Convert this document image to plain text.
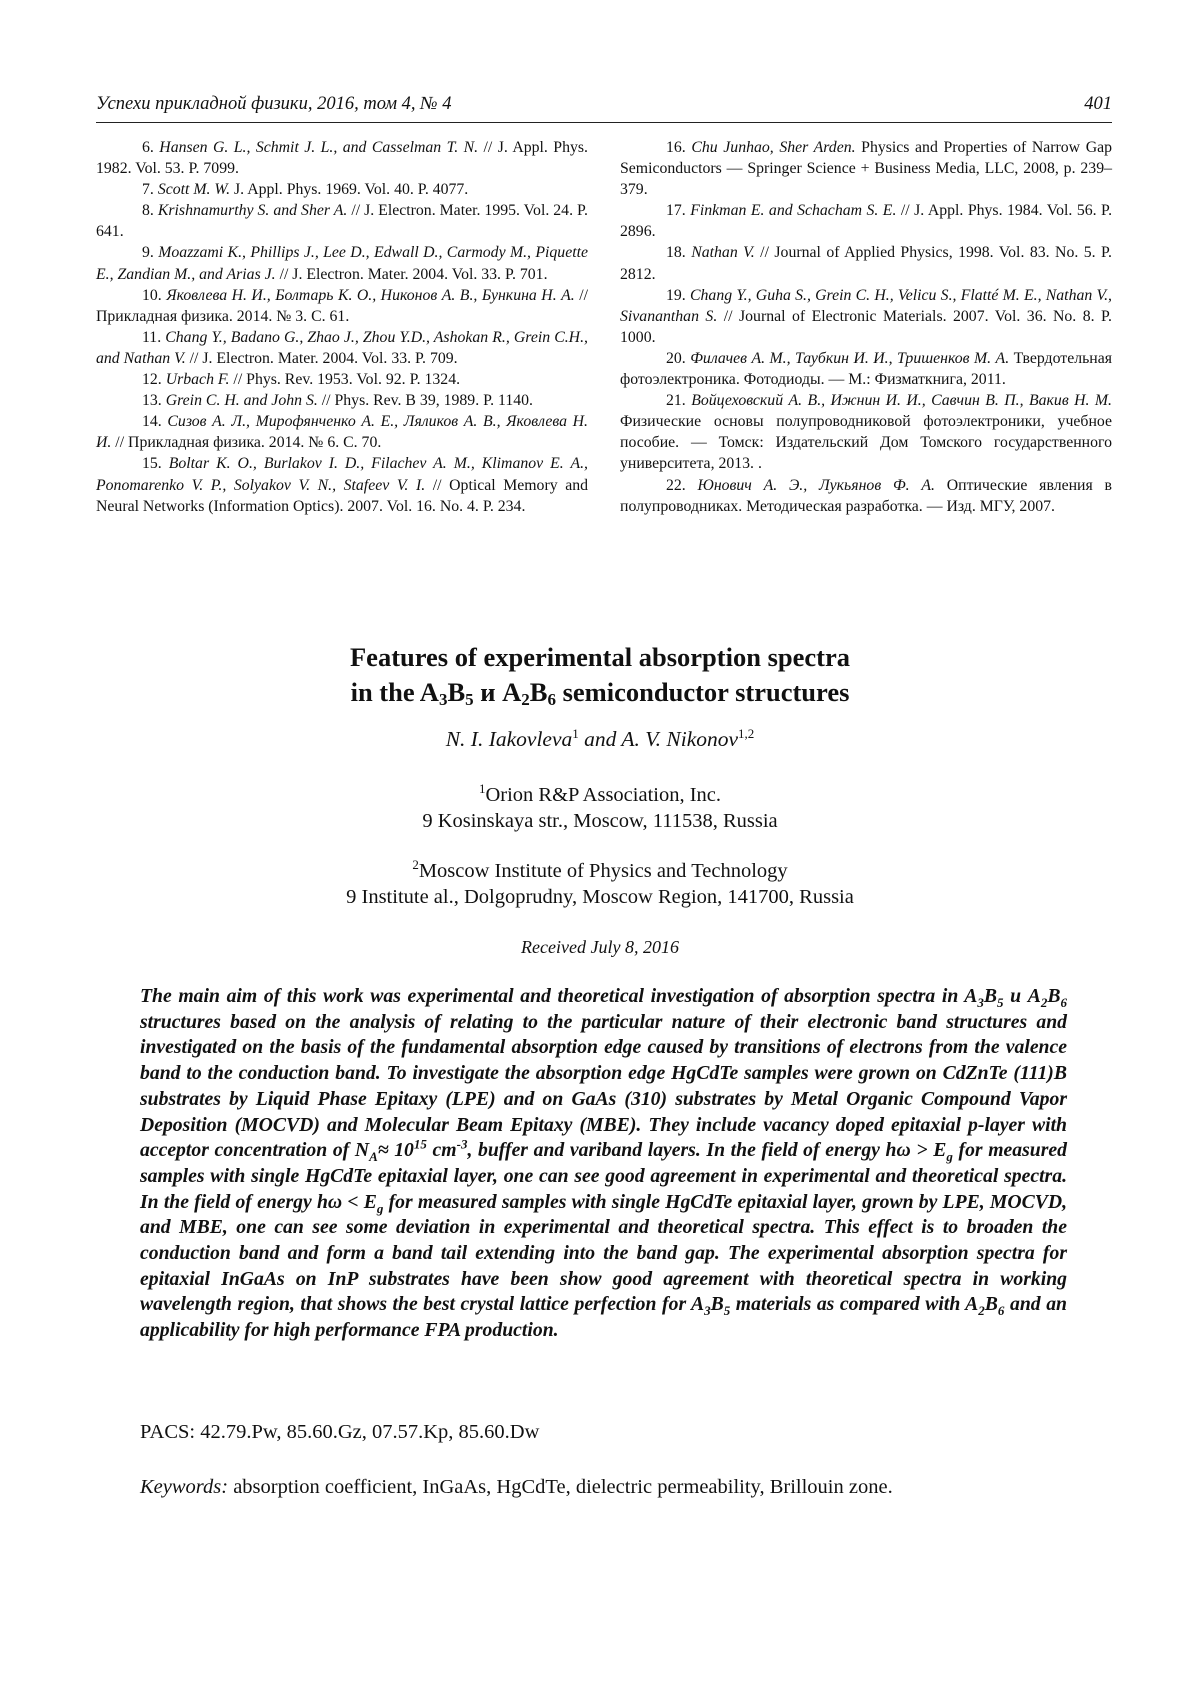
Успехи прикладной физики, 2016, том 4, № 4	401

6. Hansen G. L., Schmit J. L., and Casselman T. N. // J. Appl. Phys. 1982. Vol. 53. P. 7099.

7. Scott M. W. J. Appl. Phys. 1969. Vol. 40. P. 4077.

8. Krishnamurthy S. and Sher A. // J. Electron. Mater. 1995. Vol. 24. P. 641.

9. Moazzami K., Phillips J., Lee D., Edwall D., Carmody M., Piquette E., Zandian M., and Arias J. // J. Electron. Mater. 2004. Vol. 33. P. 701.

10. Яковлева Н. И., Болтарь К. О., Никонов А. В., Бункина Н. А. // Прикладная физика. 2014. № 3. С. 61.

11. Chang Y., Badano G., Zhao J., Zhou Y.D., Ashokan R., Grein C.H., and Nathan V. // J. Electron. Mater. 2004. Vol. 33. P. 709.

12. Urbach F. // Phys. Rev. 1953. Vol. 92. P. 1324.

13. Grein C. H. and John S. // Phys. Rev. B 39, 1989. P. 1140.

14. Сизов А. Л., Мирофянченко А. Е., Ляликов А. В., Яковлева Н. И. // Прикладная физика. 2014. № 6. С. 70.

15. Boltar K. O., Burlakov I. D., Filachev A. M., Klimanov E. A., Ponomarenko V. P., Solyakov V. N., Stafeev V. I. // Optical Memory and Neural Networks (Information Optics). 2007. Vol. 16. No. 4. P. 234.

16. Chu Junhao, Sher Arden. Physics and Properties of Narrow Gap Semiconductors — Springer Science + Business Media, LLC, 2008, p. 239–379.

17. Finkman E. and Schacham S. E. // J. Appl. Phys. 1984. Vol. 56. P. 2896.

18. Nathan V. // Journal of Applied Physics, 1998. Vol. 83. No. 5. P. 2812.

19. Chang Y., Guha S., Grein C. H., Velicu S., Flatté M. E., Nathan V., Sivananthan S. // Journal of Electronic Materials. 2007. Vol. 36. No. 8. P. 1000.

20. Филачев А. М., Таубкин И. И., Тришенков М. А. Твердотельная фотоэлектроника. Фотодиоды. — М.: Физматкнига, 2011.

21. Войцеховский А. В., Ижнин И. И., Савчин В. П., Вакив Н. М. Физические основы полупроводниковой фотоэлектроники, учебное пособие. — Томск: Издательский Дом Томского государственного университета, 2013. .

22. Юнович А. Э., Лукьянов Ф. А. Оптические явления в полупроводниках. Методическая разработка. — Изд. МГУ, 2007.

Features of experimental absorption spectra
in the $A_3B_5$ и $A_2B_6$ semiconductor structures
N. I. Iakovleva$^1$ and A. V. Nikonov$^{1,2}$
$^1$Orion R&P Association, Inc.
9 Kosinskaya str., Moscow, 111538, Russia
$^2$Moscow Institute of Physics and Technology
9 Institute al., Dolgoprudny, Moscow Region, 141700, Russia
Received July 8, 2016
The main aim of this work was experimental and theoretical investigation of absorption spectra in $A_3B_5$ и $A_2B_6$ structures based on the analysis of relating to the particular nature of their electronic band structures and investigated on the basis of the fundamental absorption edge caused by transitions of electrons from the valence band to the conduction band. To investigate the absorption edge HgCdTe samples were grown on CdZnTe (111)B substrates by Liquid Phase Epitaxy (LPE) and on GaAs (310) substrates by Metal Organic Compound Vapor Deposition (MOCVD) and Molecular Beam Epitaxy (MBE). They include vacancy doped epitaxial p-layer with acceptor concentration of $N_A\approx 10^{15}$ $cm^{-3}$, buffer and variband layers. In the field of energy $h\omega > E_g$ for measured samples with single HgCdTe epitaxial layer, one can see good agreement in experimental and theoretical spectra. In the field of energy $h\omega < E_g$ for measured samples with single HgCdTe epitaxial layer, grown by LPE, MOCVD, and MBE, one can see some deviation in experimental and theoretical spectra. This effect is to broaden the conduction band and form a band tail extending into the band gap. The experimental absorption spectra for epitaxial InGaAs on InP substrates have been show good agreement with theoretical spectra in working wavelength region, that shows the best crystal lattice perfection for $A_3B_5$ materials as compared with $A_2B_6$ and an applicability for high performance FPA production.
PACS: 42.79.Pw, 85.60.Gz, 07.57.Kp, 85.60.Dw
Keywords: absorption coefficient, InGaAs, HgCdTe, dielectric permeability, Brillouin zone.
